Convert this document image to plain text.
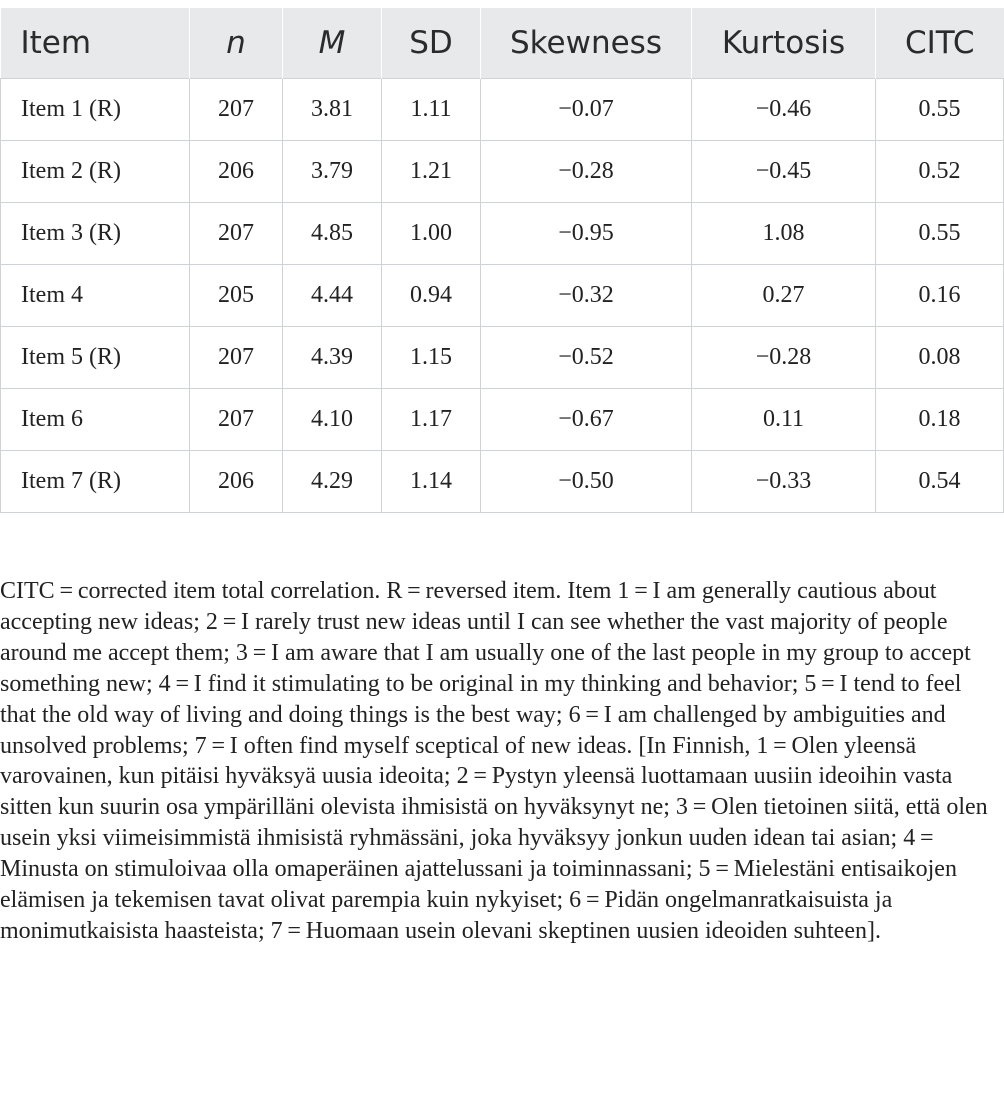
Item	n	M	SD	Skewness	Kurtosis	CITC
Item 1 (R)	207	3.81	1.11	−0.07	−0.46	0.55
Item 2 (R)	206	3.79	1.21	−0.28	−0.45	0.52
Item 3 (R)	207	4.85	1.00	−0.95	1.08	0.55
Item 4	205	4.44	0.94	−0.32	0.27	0.16
Item 5 (R)	207	4.39	1.15	−0.52	−0.28	0.08
Item 6	207	4.10	1.17	−0.67	0.11	0.18
Item 7 (R)	206	4.29	1.14	−0.50	−0.33	0.54

CITC = corrected item total correlation. R = reversed item. Item 1 = I am generally cautious about accepting new ideas; 2 = I rarely trust new ideas until I can see whether the vast majority of people around me accept them; 3 = I am aware that I am usually one of the last people in my group to accept something new; 4 = I find it stimulating to be original in my thinking and behavior; 5 = I tend to feel that the old way of living and doing things is the best way; 6 = I am challenged by ambiguities and unsolved problems; 7 = I often find myself sceptical of new ideas. [In Finnish, 1 = Olen yleensä varovainen, kun pitäisi hyväksyä uusia ideoita; 2 = Pystyn yleensä luottamaan uusiin ideoihin vasta sitten kun suurin osa ympärilläni olevista ihmisistä on hyväksynyt ne; 3 = Olen tietoinen siitä, että olen usein yksi viimeisimmistä ihmisistä ryhmässäni, joka hyväksyy jonkun uuden idean tai asian; 4 = Minusta on stimuloivaa olla omaperäinen ajattelussani ja toiminnassani; 5 = Mielestäni entisaikojen elämisen ja tekemisen tavat olivat parempia kuin nykyiset; 6 = Pidän ongelmanratkaisuista ja monimutkaisista haasteista; 7 = Huomaan usein olevani skeptinen uusien ideoiden suhteen].
